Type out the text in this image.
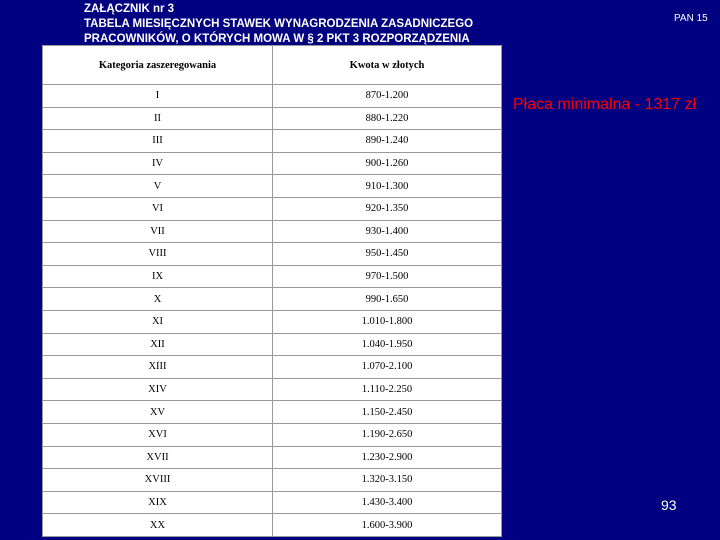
ZAŁĄCZNIK nr 3
TABELA MIESIĘCZNYCH STAWEK WYNAGRODZENIA ZASADNICZEGO
PRACOWNIKÓW, O KTÓRYCH MOWA W § 2 PKT 3 ROZPORZĄDZENIA
PAN 15
Kategoria zaszeregowania	Kwota w złotych
I	870-1.200
II	880-1.220
III	890-1.240
IV	900-1.260
V	910-1.300
VI	920-1.350
VII	930-1.400
VIII	950-1.450
IX	970-1.500
X	990-1.650
XI	1.010-1.800
XII	1.040-1.950
XIII	1.070-2.100
XIV	1.110-2.250
XV	1.150-2.450
XVI	1.190-2.650
XVII	1.230-2.900
XVIII	1.320-3.150
XIX	1.430-3.400
XX	1.600-3.900
Płaca minimalna - 1317 zł
93
